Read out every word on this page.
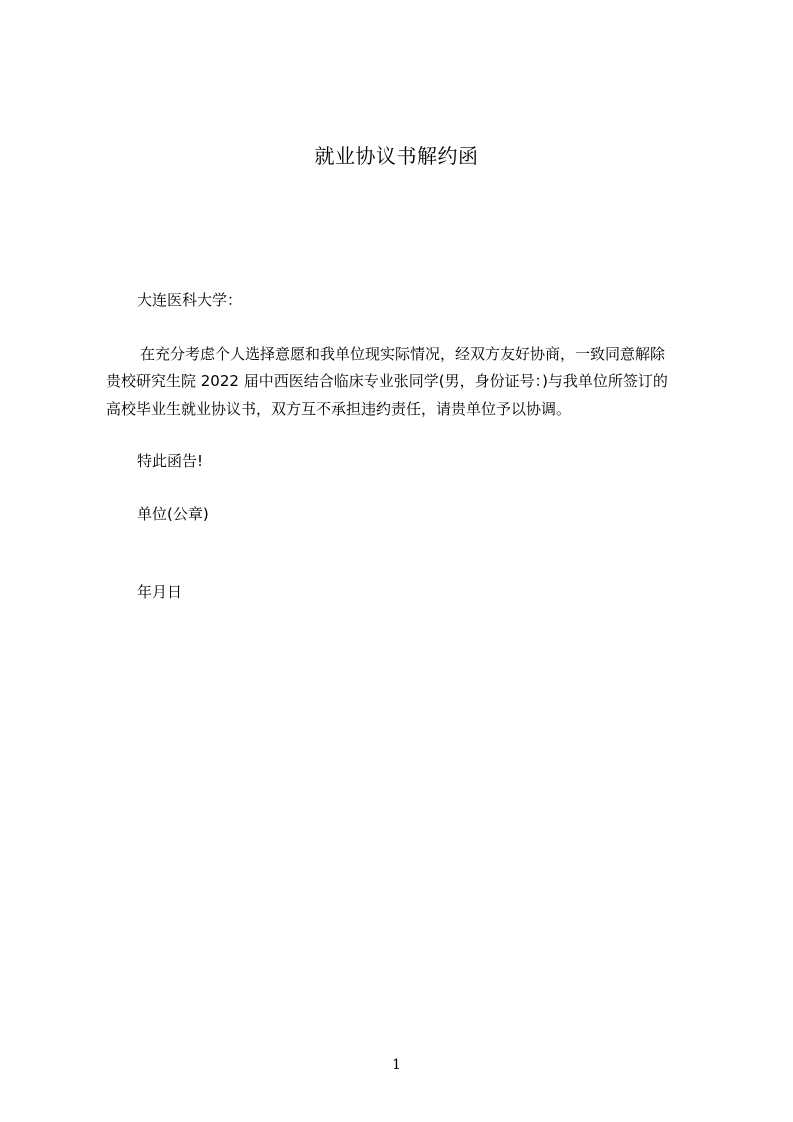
就业协议书解约函
大连医科大学：
在充分考虑个人选择意愿和我单位现实际情况，经双方友好协商，一致同意解除
贵校研究生院 2022 届中西医结合临床专业张同学(男，身份证号：)与我单位所签订的
高校毕业生就业协议书，双方互不承担违约责任，请贵单位予以协调。
特此函告!
单位(公章)
年月日
1
